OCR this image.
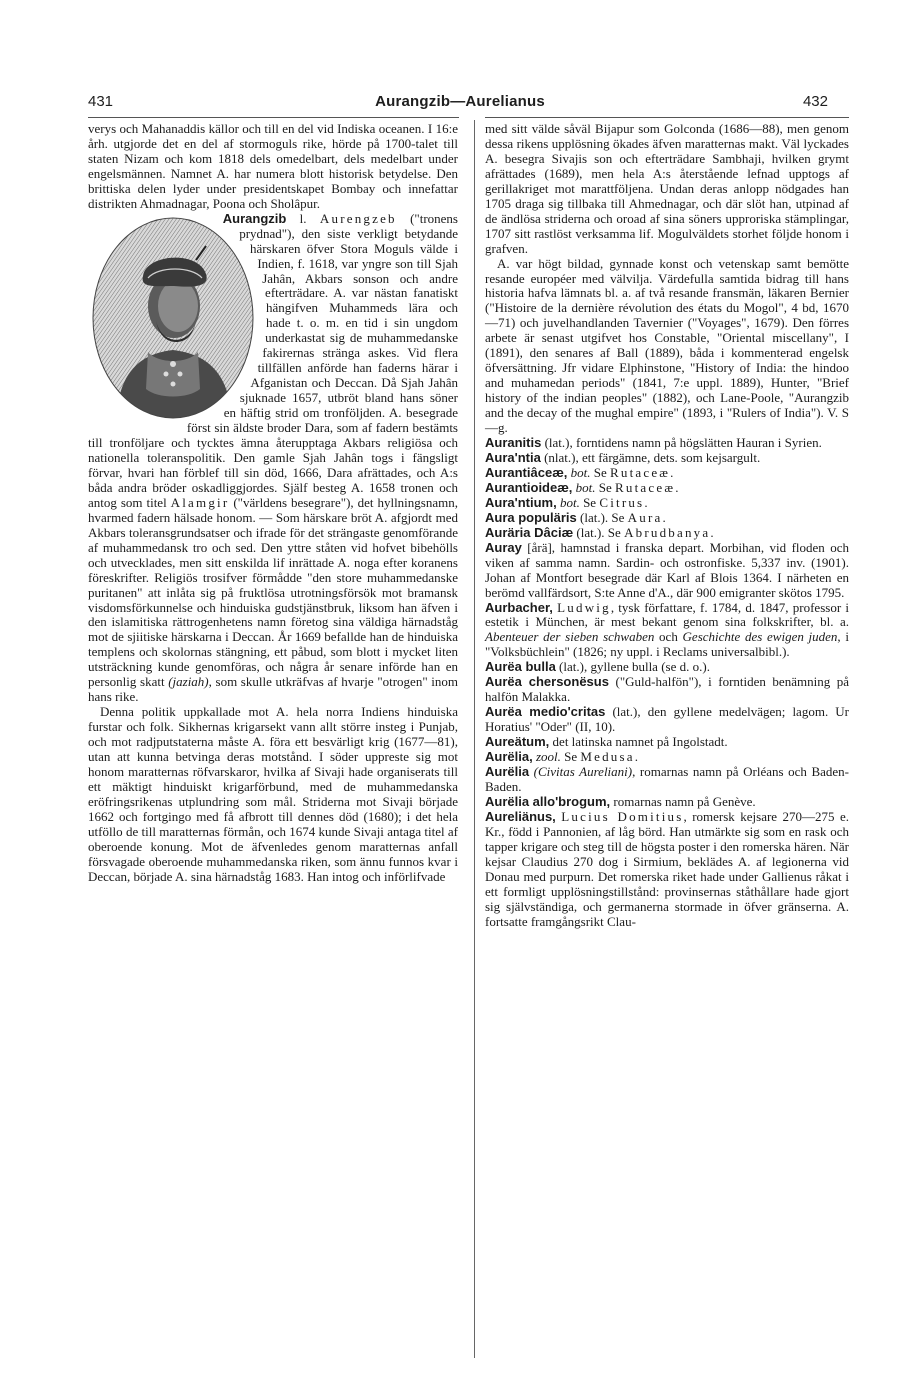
431	Aurangzib—Aurelianus	432

verys och Mahanaddis källor och till en del vid Indiska oceanen. I 16:e årh. utgjorde det en del af stormoguls rike, hörde på 1700-talet till staten Nizam och kom 1818 dels omedelbart, dels medelbart under engelsmännen. Namnet A. har numera blott historisk betydelse. Den brittiska delen lyder under presidentskapet Bombay och innefattar distrikten Ahmadnagar, Poona och Sholâpur.

Aurangzib l. Aurengzeb ("tronens prydnad"), den siste verkligt betydande härskaren öfver Stora Moguls välde i Indien, f. 1618, var yngre son till Sjah Jahân, Akbars sonson och andre efterträdare. A. var nästan fanatiskt hängifven Muhammeds lära och hade t. o. m. en tid i sin ungdom underkastat sig de muhammedanske fakirernas stränga askes. Vid flera tillfällen anförde han faderns härar i Afganistan och Deccan. Då Sjah Jahân sjuknade 1657, utbröt bland hans söner en häftig strid om tronföljden. A. besegrade först sin äldste broder Dara, som af fadern bestämts till tronföljare och tycktes ämna återupptaga Akbars religiösa och nationella toleranspolitik. Den gamle Sjah Jahân togs i fängsligt förvar, hvari han förblef till sin död, 1666, Dara afrättades, och A:s båda andra bröder oskadliggjordes. Själf besteg A. 1658 tronen och antog som titel Alamgir ("världens besegrare"), det hyllningsnamn, hvarmed fadern hälsade honom. — Som härskare bröt A. afgjordt med Akbars toleransgrundsatser och ifrade för det strängaste genomförande af muhammedansk tro och sed. Den yttre ståten vid hofvet bibehölls och utvecklades, men sitt enskilda lif inrättade A. noga efter koranens föreskrifter. Religiös trosifver förmådde "den store muhammedanske puritanen" att inlåta sig på fruktlösa utrotningsförsök mot bramansk visdomsförkunnelse och hinduiska gudstjänstbruk, liksom han äfven i den islamitiska rättrogenhetens namn företog sina väldiga härnadståg mot de sjiitiske härskarna i Deccan. År 1669 befallde han de hinduiska templens och skolornas stängning, ett påbud, som blott i mycket liten utsträckning kunde genomföras, och några år senare införde han en personlig skatt (jaziah), som skulle utkräfvas af hvarje "otrogen" inom hans rike.

Denna politik uppkallade mot A. hela norra Indiens hinduiska furstar och folk. Sikhernas krigarsekt vann allt större insteg i Punjab, och mot radjputstaterna måste A. föra ett besvärligt krig (1677—81), utan att kunna betvinga deras motstånd. I söder uppreste sig mot honom maratternas röfvarskaror, hvilka af Sivaji hade organiserats till ett mäktigt hinduiskt krigarförbund, med de muhammedanska eröfringsrikenas utplundring som mål. Striderna mot Sivaji började 1662 och fortgingo med få afbrott till dennes död (1680); i det hela utföllo de till maratternas förmån, och 1674 kunde Sivaji antaga titel af oberoende konung. Mot de äfvenledes genom maratternas anfall försvagade oberoende muhammedanska riken, som ännu funnos kvar i Deccan, började A. sina härnadståg 1683. Han intog och införlifvade

med sitt välde såväl Bijapur som Golconda (1686—88), men genom dessa rikens upplösning ökades äfven maratternas makt. Väl lyckades A. besegra Sivajis son och efterträdare Sambhaji, hvilken grymt afrättades (1689), men hela A:s återstående lefnad upptogs af gerillakriget mot marattföljena. Undan deras anlopp nödgades han 1705 draga sig tillbaka till Ahmednagar, och där slöt han, utpinad af de ändlösa striderna och oroad af sina söners upproriska stämplingar, 1707 sitt rastlöst verksamma lif. Mogulväldets storhet följde honom i grafven.

A. var högt bildad, gynnade konst och vetenskap samt bemötte resande européer med välvilja. Värdefulla samtida bidrag till hans historia hafva lämnats bl. a. af två resande fransmän, läkaren Bernier ("Histoire de la dernière révolution des états du Mogol", 4 bd, 1670—71) och juvelhandlanden Tavernier ("Voyages", 1679). Den förres arbete är senast utgifvet hos Constable, "Oriental miscellany", I (1891), den senares af Ball (1889), båda i kommenterad engelsk öfversättning. Jfr vidare Elphinstone, "History of India: the hindoo and muhamedan periods" (1841, 7:e uppl. 1889), Hunter, "Brief history of the indian peoples" (1882), och Lane-Poole, "Aurangzib and the decay of the mughal empire" (1893, i "Rulers of India"). V. S—g.

Auranitis (lat.), forntidens namn på högslätten Hauran i Syrien.

Aura'ntia (nlat.), ett färgämne, dets. som kejsargult.

Aurantiâceæ, bot. Se Rutaceæ.

Aurantioideæ, bot. Se Rutaceæ.

Aura'ntium, bot. Se Citrus.

Aura populäris (lat.). Se Aura.

Auräria Dâciæ (lat.). Se Abrudbanya.

Auray [årä], hamnstad i franska depart. Morbihan, vid floden och viken af samma namn. Sardin- och ostronfiske. 5,337 inv. (1901). Johan af Montfort besegrade där Karl af Blois 1364. I närheten en berömd vallfärdsort, S:te Anne d'A., där 900 emigranter skötos 1795.

Aurbacher, Ludwig, tysk författare, f. 1784, d. 1847, professor i estetik i München, är mest bekant genom sina folkskrifter, bl. a. Abenteuer der sieben schwaben och Geschichte des ewigen juden, i "Volksbüchlein" (1826; ny uppl. i Reclams universalbibl.).

Aurëa bulla (lat.), gyllene bulla (se d. o.).

Aurëa chersonësus ("Guld-halfön"), i forntiden benämning på halfön Malakka.

Aurëa medio'critas (lat.), den gyllene medelvägen; lagom. Ur Horatius' "Oder" (II, 10).

Aureätum, det latinska namnet på Ingolstadt.

Aurëlia, zool. Se Medusa.

Aurëlia (Civitas Aureliani), romarnas namn på Orléans och Baden-Baden.

Aurëlia allo'brogum, romarnas namn på Genève.

Aureliänus, Lucius Domitius, romersk kejsare 270—275 e. Kr., född i Pannonien, af låg börd. Han utmärkte sig som en rask och tapper krigare och steg till de högsta poster i den romerska hären. När kejsar Claudius 270 dog i Sirmium, beklädes A. af legionerna vid Donau med purpurn. Det romerska riket hade under Gallienus råkat i ett formligt upplösningstillstånd: provinsernas ståthållare hade gjort sig självständiga, och germanerna stormade in öfver gränserna. A. fortsatte framgångsrikt Clau-
